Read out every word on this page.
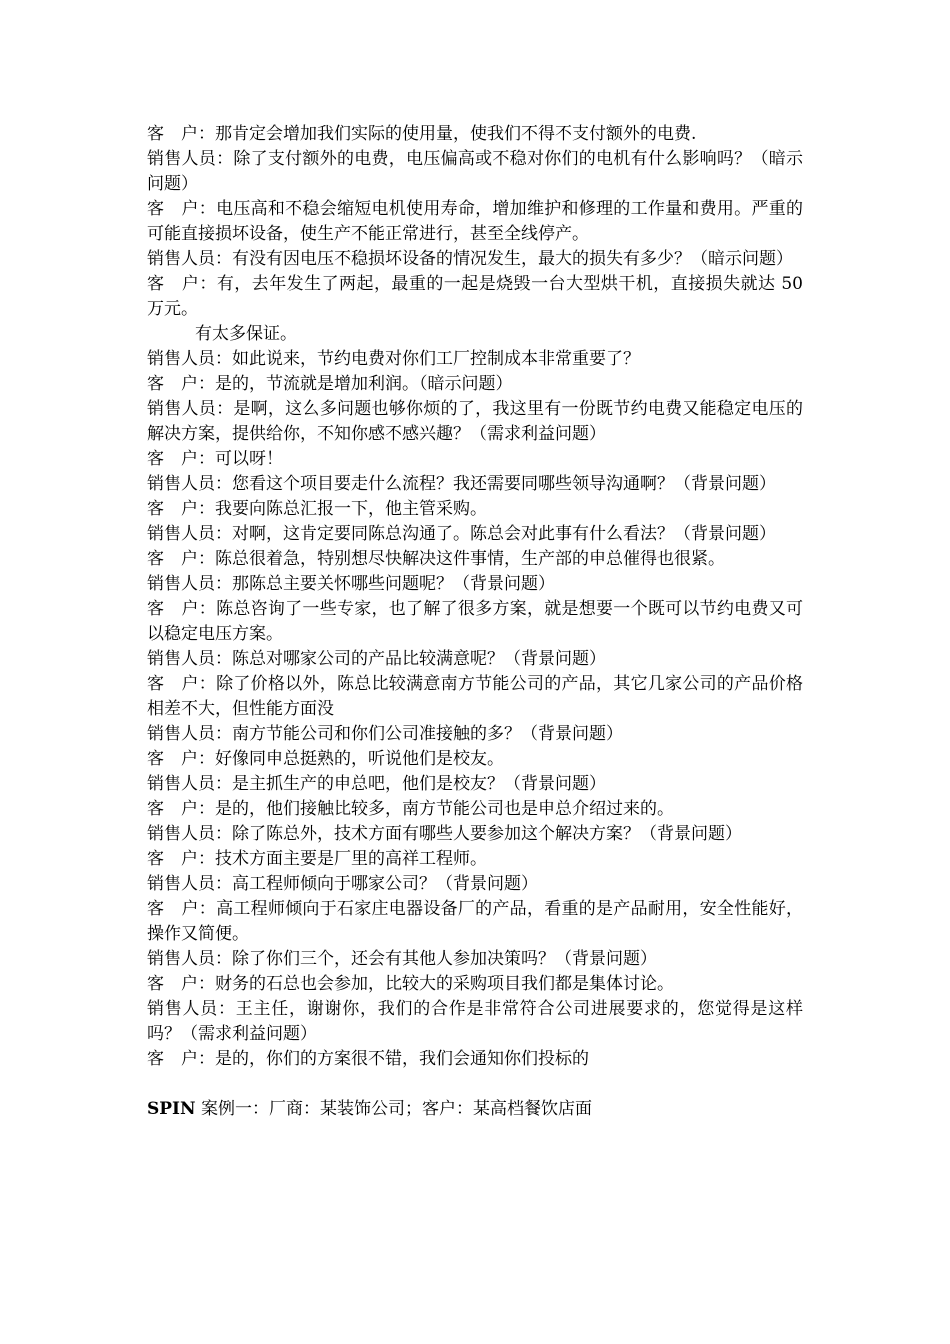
客　户：那肯定会增加我们实际的使用量，使我们不得不支付额外的电费.

销售人员：除了支付额外的电费，电压偏高或不稳对你们的电机有什么影响吗？（暗示问题）

客　户：电压高和不稳会缩短电机使用寿命，增加维护和修理的工作量和费用。严重的可能直接损坏设备，使生产不能正常进行，甚至全线停产。

销售人员：有没有因电压不稳损坏设备的情况发生，最大的损失有多少？（暗示问题）

客　户：有，去年发生了两起，最重的一起是烧毁一台大型烘干机，直接损失就达 50 万元。

有太多保证。

销售人员：如此说来，节约电费对你们工厂控制成本非常重要了？

客　户：是的，节流就是增加利润。（暗示问题）

销售人员：是啊，这么多问题也够你烦的了，我这里有一份既节约电费又能稳定电压的解决方案，提供给你，不知你感不感兴趣？（需求利益问题）

客　户：可以呀！

销售人员：您看这个项目要走什么流程？我还需要同哪些领导沟通啊？（背景问题）

客　户：我要向陈总汇报一下，他主管采购。

销售人员：对啊，这肯定要同陈总沟通了。陈总会对此事有什么看法？（背景问题）

客　户：陈总很着急，特别想尽快解决这件事情，生产部的申总催得也很紧。

销售人员：那陈总主要关怀哪些问题呢？（背景问题）

客　户：陈总咨询了一些专家，也了解了很多方案，就是想要一个既可以节约电费又可以稳定电压方案。

销售人员：陈总对哪家公司的产品比较满意呢？（背景问题）

客　户：除了价格以外，陈总比较满意南方节能公司的产品，其它几家公司的产品价格相差不大，但性能方面没

销售人员：南方节能公司和你们公司准接触的多？（背景问题）

客　户：好像同申总挺熟的，听说他们是校友。

销售人员：是主抓生产的申总吧，他们是校友？（背景问题）

客　户：是的，他们接触比较多，南方节能公司也是申总介绍过来的。

销售人员：除了陈总外，技术方面有哪些人要参加这个解决方案？（背景问题）

客　户：技术方面主要是厂里的高祥工程师。

销售人员：高工程师倾向于哪家公司？（背景问题）

客　户：高工程师倾向于石家庄电器设备厂的产品，看重的是产品耐用，安全性能好，操作又简便。

销售人员：除了你们三个，还会有其他人参加决策吗？（背景问题）

客　户：财务的石总也会参加，比较大的采购项目我们都是集体讨论。

销售人员：王主任，谢谢你，我们的合作是非常符合公司进展要求的，您觉得是这样吗？（需求利益问题）

客　户：是的，你们的方案很不错，我们会通知你们投标的

SPIN 案例一：厂商：某装饰公司；客户：某高档餐饮店面
